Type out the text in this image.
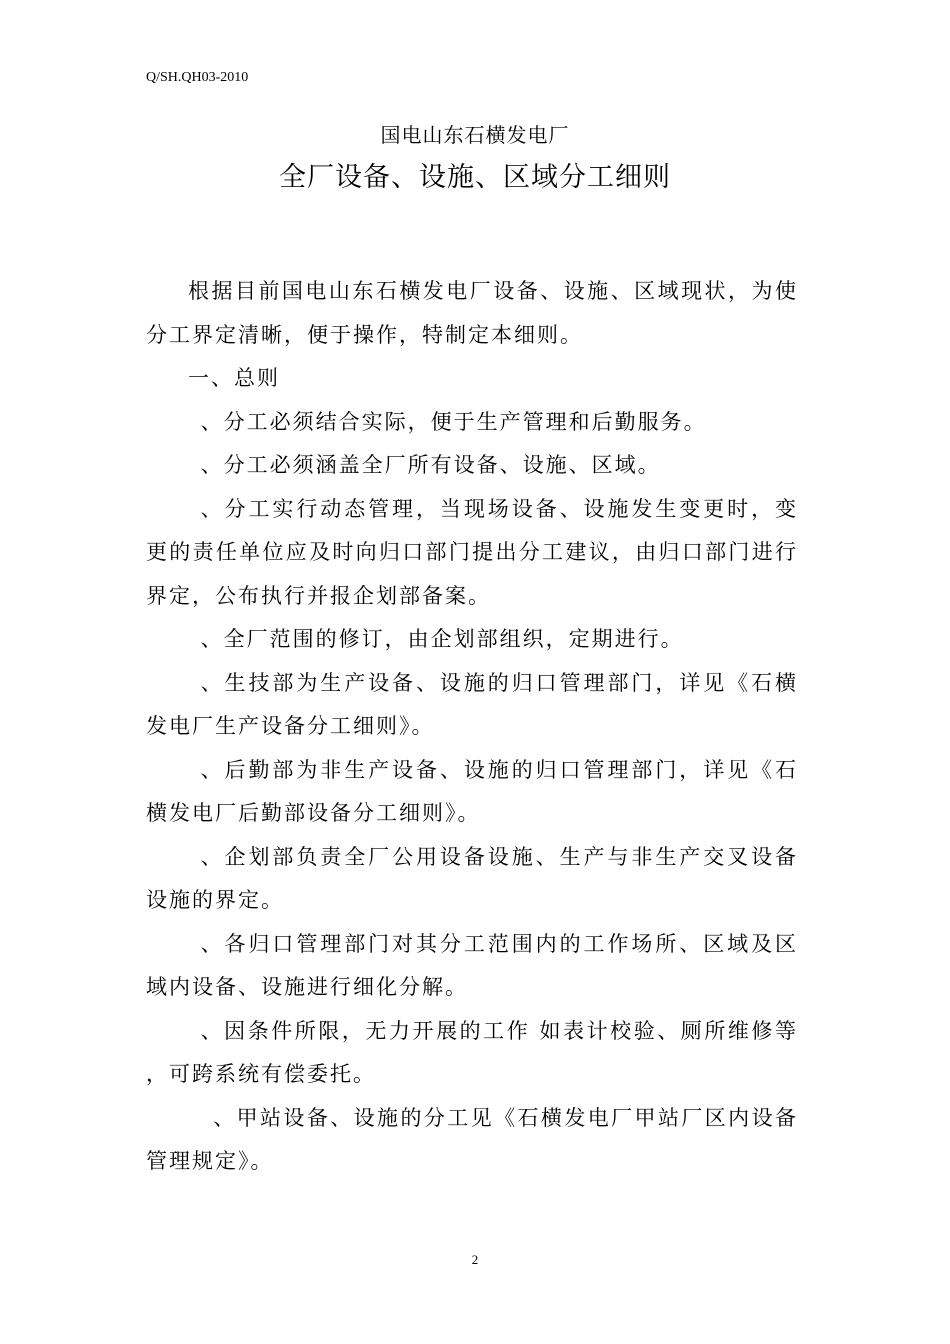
Q/SH.QH03-2010
国电山东石横发电厂
全厂设备、设施、区域分工细则

根据目前国电山东石横发电厂设备、设施、区域现状，为使分工界定清晰，便于操作，特制定本细则。

一、总则

、分工必须结合实际，便于生产管理和后勤服务。

、分工必须涵盖全厂所有设备、设施、区域。

、分工实行动态管理，当现场设备、设施发生变更时，变更的责任单位应及时向归口部门提出分工建议，由归口部门进行界定，公布执行并报企划部备案。

、全厂范围的修订，由企划部组织，定期进行。

、生技部为生产设备、设施的归口管理部门，详见《石横发电厂生产设备分工细则》。

、后勤部为非生产设备、设施的归口管理部门，详见《石横发电厂后勤部设备分工细则》。

、企划部负责全厂公用设备设施、生产与非生产交叉设备设施的界定。

、各归口管理部门对其分工范围内的工作场所、区域及区域内设备、设施进行细化分解。

、因条件所限，无力开展的工作 如表计校验、厕所维修等 ，可跨系统有偿委托。

、甲站设备、设施的分工见《石横发电厂甲站厂区内设备管理规定》。

2
